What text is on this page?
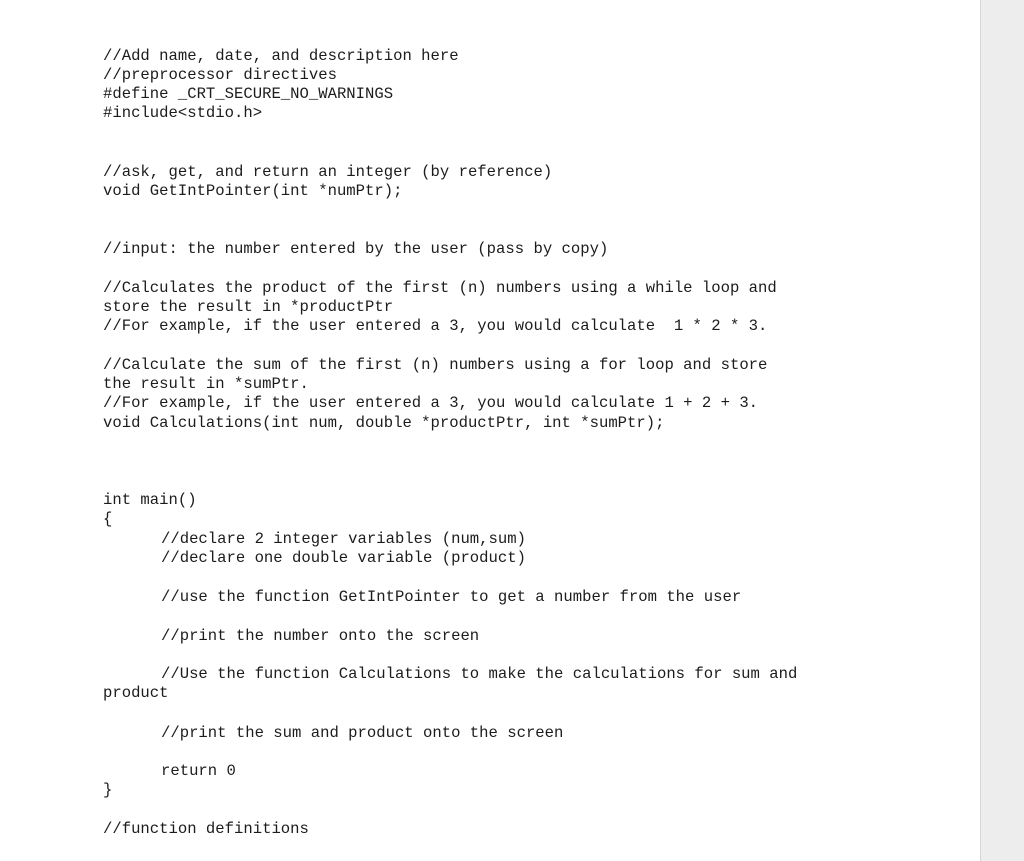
//Add name, date, and description here

//preprocessor directives

#define _CRT_SECURE_NO_WARNINGS

#include<stdio.h>

//ask, get, and return an integer (by reference)

void GetIntPointer(int *numPtr);

//input: the number entered by the user (pass by copy)

//Calculates the product of the first (n) numbers using a while loop and

store the result in *productPtr

//For example, if the user entered a 3, you would calculate  1 * 2 * 3.

//Calculate the sum of the first (n) numbers using a for loop and store

the result in *sumPtr.

//For example, if the user entered a 3, you would calculate 1 + 2 + 3.

void Calculations(int num, double *productPtr, int *sumPtr);

int main()

{

//declare 2 integer variables (num,sum)

//declare one double variable (product)

//use the function GetIntPointer to get a number from the user

//print the number onto the screen

//Use the function Calculations to make the calculations for sum and

product

//print the sum and product onto the screen

return 0

}

//function definitions
